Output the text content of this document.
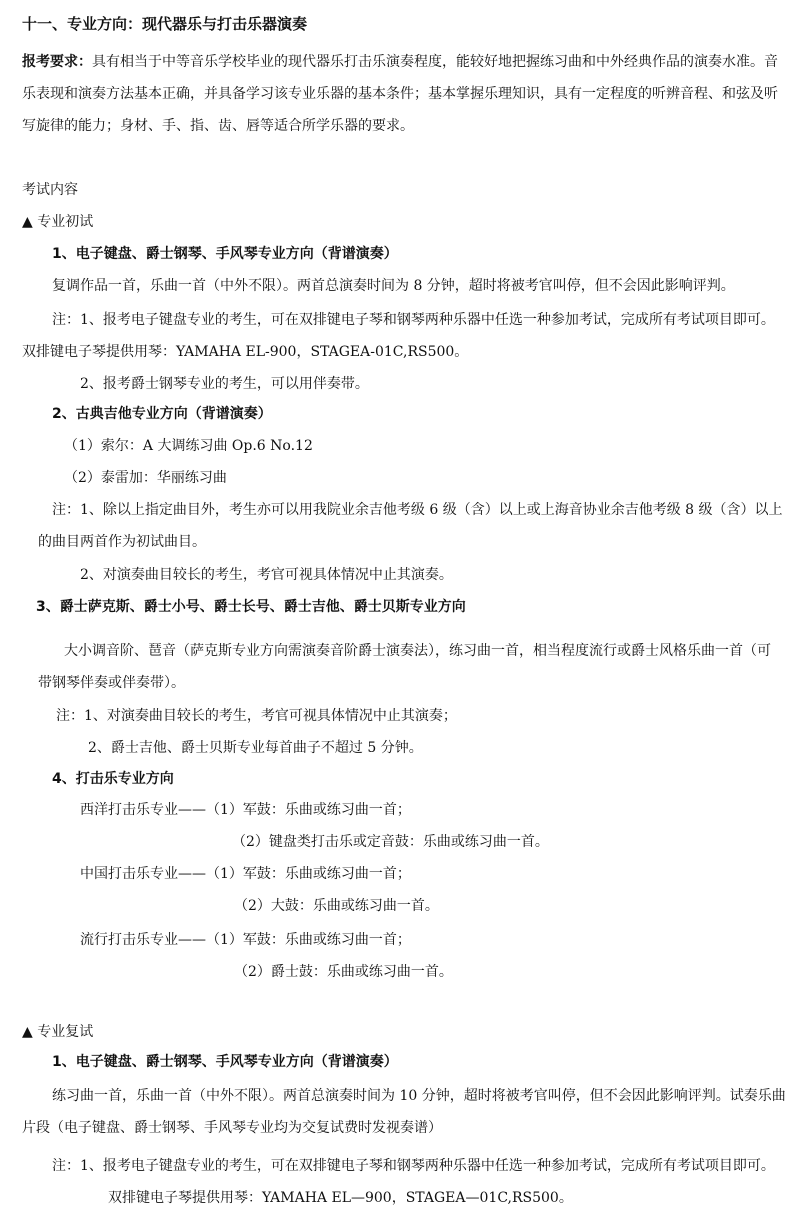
十一、专业方向：现代器乐与打击乐器演奏
报考要求：具有相当于中等音乐学校毕业的现代器乐打击乐演奏程度，能较好地把握练习曲和中外经典作品的演奏水准。音
乐表现和演奏方法基本正确，并具备学习该专业乐器的基本条件；基本掌握乐理知识，具有一定程度的听辨音程、和弦及听
写旋律的能力；身材、手、指、齿、唇等适合所学乐器的要求。
考试内容
▲ 专业初试
1、电子键盘、爵士钢琴、手风琴专业方向（背谱演奏）
复调作品一首，乐曲一首（中外不限）。两首总演奏时间为 8 分钟，超时将被考官叫停，但不会因此影响评判。
注：1、报考电子键盘专业的考生，可在双排键电子琴和钢琴两种乐器中任选一种参加考试，完成所有考试项目即可。
双排键电子琴提供用琴：YAMAHA EL-900，STAGEA-01C,RS500。
2、报考爵士钢琴专业的考生，可以用伴奏带。
2、古典吉他专业方向（背谱演奏）
（1）索尔：A 大调练习曲 Op.6 No.12
（2）泰雷加：华丽练习曲
注：1、除以上指定曲目外，考生亦可以用我院业余吉他考级 6 级（含）以上或上海音协业余吉他考级 8 级（含）以上
的曲目两首作为初试曲目。
2、对演奏曲目较长的考生，考官可视具体情况中止其演奏。
3、爵士萨克斯、爵士小号、爵士长号、爵士吉他、爵士贝斯专业方向
大小调音阶、琶音（萨克斯专业方向需演奏音阶爵士演奏法），练习曲一首，相当程度流行或爵士风格乐曲一首（可
带钢琴伴奏或伴奏带）。
注：1、对演奏曲目较长的考生，考官可视具体情况中止其演奏；
2、爵士吉他、爵士贝斯专业每首曲子不超过 5 分钟。
4、打击乐专业方向
西洋打击乐专业——（1）军鼓：乐曲或练习曲一首；
（2）键盘类打击乐或定音鼓：乐曲或练习曲一首。
中国打击乐专业——（1）军鼓：乐曲或练习曲一首；
（2）大鼓：乐曲或练习曲一首。
流行打击乐专业——（1）军鼓：乐曲或练习曲一首；
（2）爵士鼓：乐曲或练习曲一首。
▲ 专业复试
1、电子键盘、爵士钢琴、手风琴专业方向（背谱演奏）
练习曲一首，乐曲一首（中外不限）。两首总演奏时间为 10 分钟，超时将被考官叫停，但不会因此影响评判。试奏乐曲
片段（电子键盘、爵士钢琴、手风琴专业均为交复试费时发视奏谱）
注：1、报考电子键盘专业的考生，可在双排键电子琴和钢琴两种乐器中任选一种参加考试，完成所有考试项目即可。
双排键电子琴提供用琴：YAMAHA EL—900，STAGEA—01C,RS500。
